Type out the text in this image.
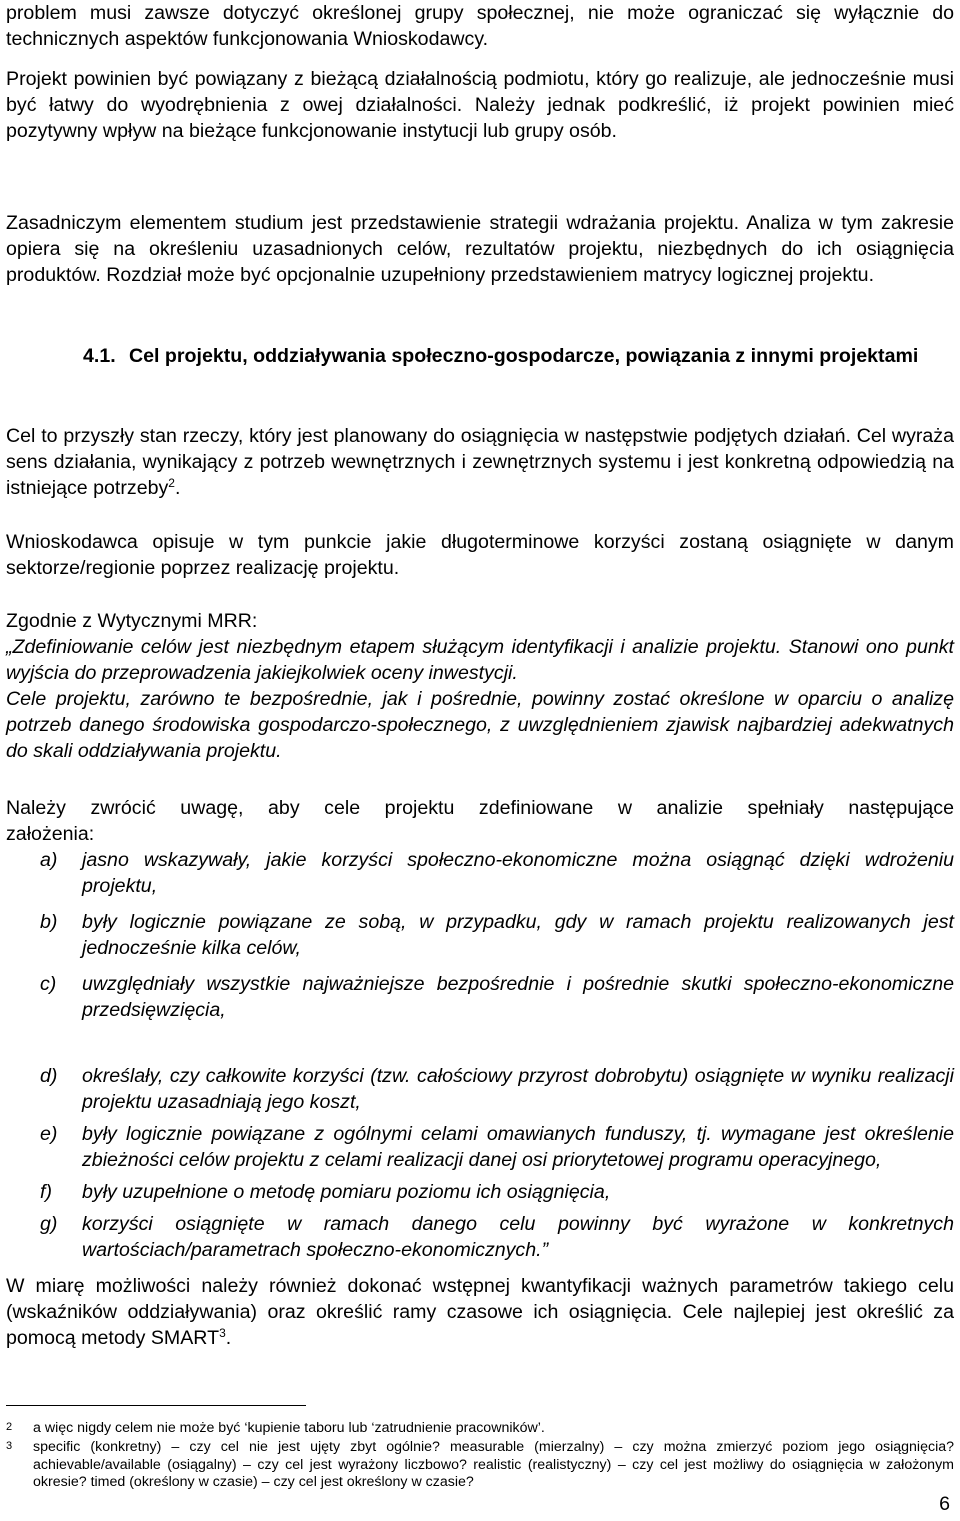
problem musi zawsze dotyczyć określonej grupy społecznej, nie może ograniczać się wyłącznie do technicznych aspektów funkcjonowania Wnioskodawcy.

Projekt powinien być powiązany z bieżącą działalnością podmiotu, który go realizuje, ale jednocześnie musi być łatwy do wyodrębnienia z owej działalności. Należy jednak podkreślić, iż projekt powinien mieć pozytywny wpływ na bieżące funkcjonowanie instytucji lub grupy osób.

Zasadniczym elementem studium jest przedstawienie strategii wdrażania projektu. Analiza w tym zakresie opiera się na określeniu uzasadnionych celów, rezultatów projektu, niezbędnych do ich osiągnięcia produktów. Rozdział może być opcjonalnie uzupełniony przedstawieniem matrycy logicznej projektu.

4.1. Cel projektu, oddziaływania społeczno-gospodarcze, powiązania z innymi projektami

Cel to przyszły stan rzeczy, który jest planowany do osiągnięcia w następstwie podjętych działań. Cel wyraża sens działania, wynikający z potrzeb wewnętrznych i zewnętrznych systemu i jest konkretną odpowiedzią na istniejące potrzeby$^2$.

Wnioskodawca opisuje w tym punkcie jakie długoterminowe korzyści zostaną osiągnięte w danym sektorze/regionie poprzez realizację projektu.

Zgodnie z Wytycznymi MRR:

„Zdefiniowanie celów jest niezbędnym etapem służącym identyfikacji i analizie projektu. Stanowi ono punkt wyjścia do przeprowadzenia jakiejkolwiek oceny inwestycji.

Cele projektu, zarówno te bezpośrednie, jak i pośrednie, powinny zostać określone w oparciu o analizę potrzeb danego środowiska gospodarczo-społecznego, z uwzględnieniem zjawisk najbardziej adekwatnych do skali oddziaływania projektu.

Należy zwrócić uwagę, aby cele projektu zdefiniowane w analizie spełniały następujące
założenia:

a) jasno wskazywały, jakie korzyści społeczno-ekonomiczne można osiągnąć dzięki wdrożeniu projektu,
b) były logicznie powiązane ze sobą, w przypadku, gdy w ramach projektu realizowanych jest jednocześnie kilka celów,
c) uwzględniały wszystkie najważniejsze bezpośrednie i pośrednie skutki społeczno-ekonomiczne przedsięwzięcia,
d) określały, czy całkowite korzyści (tzw. całościowy przyrost dobrobytu) osiągnięte w wyniku realizacji projektu uzasadniają jego koszt,
e) były logicznie powiązane z ogólnymi celami omawianych funduszy, tj. wymagane jest określenie zbieżności celów projektu z celami realizacji danej osi priorytetowej programu operacyjnego,
f) były uzupełnione o metodę pomiaru poziomu ich osiągnięcia,
g) korzyści osiągnięte w ramach danego celu powinny być wyrażone w konkretnych wartościach/parametrach społeczno-ekonomicznych.”

W miarę możliwości należy również dokonać wstępnej kwantyfikacji ważnych parametrów takiego celu (wskaźników oddziaływania) oraz określić ramy czasowe ich osiągnięcia. Cele najlepiej jest określić za pomocą metody SMART$^3$.

2	a więc nigdy celem nie może być ‘kupienie taboru lub ‘zatrudnienie pracowników’.
3	specific (konkretny) – czy cel nie jest ujęty zbyt ogólnie? measurable (mierzalny) – czy można zmierzyć poziom jego osiągnięcia? achievable/available (osiągalny) – czy cel jest wyrażony liczbowo? realistic (realistyczny) – czy cel jest możliwy do osiągnięcia w założonym okresie? timed (określony w czasie) – czy cel jest określony w czasie?
6
